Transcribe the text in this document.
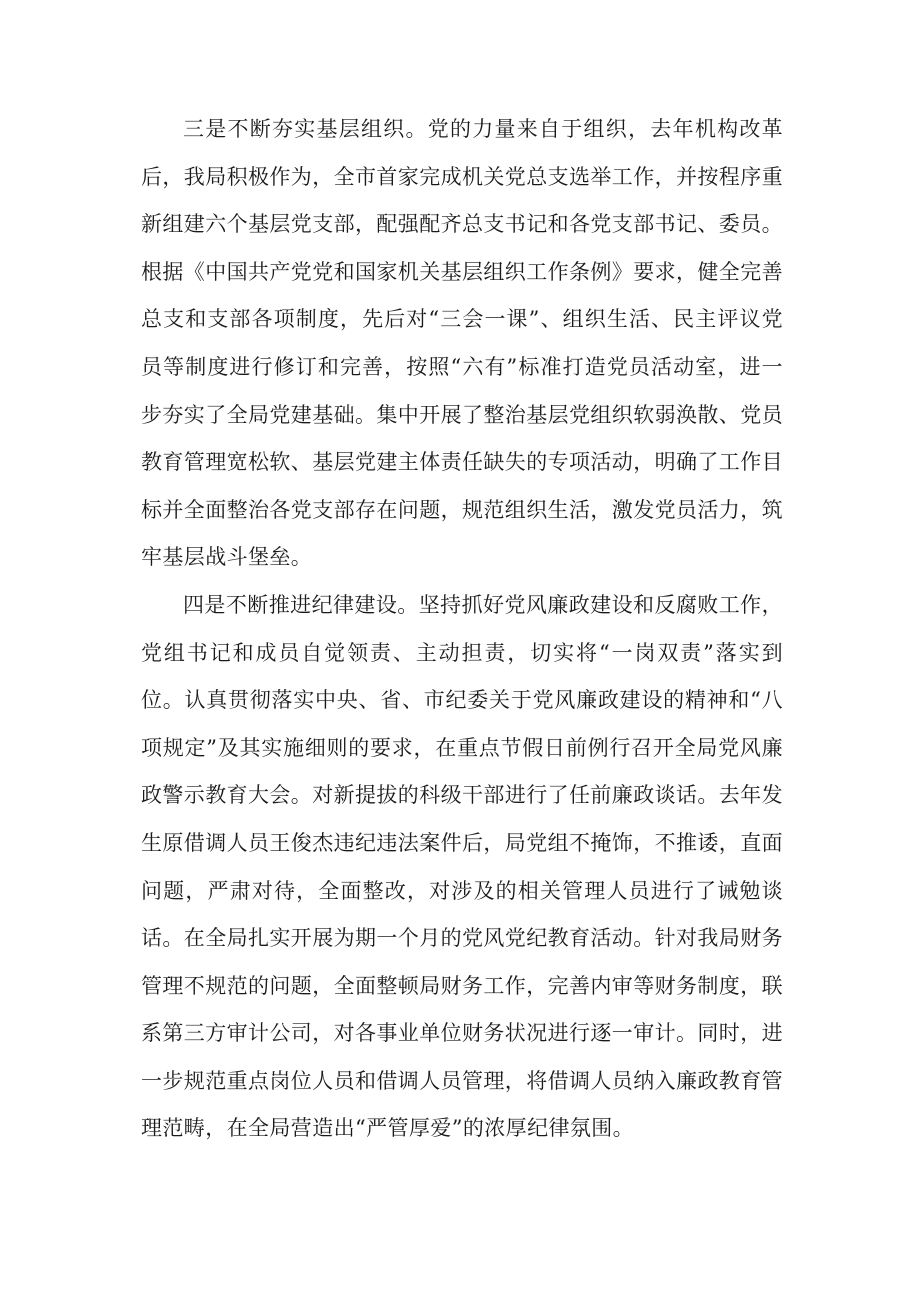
三是不断夯实基层组织。党的力量来自于组织，去年机构改革后，我局积极作为，全市首家完成机关党总支选举工作，并按程序重新组建六个基层党支部，配强配齐总支书记和各党支部书记、委员。根据《中国共产党党和国家机关基层组织工作条例》要求，健全完善总支和支部各项制度，先后对“三会一课”、组织生活、民主评议党员等制度进行修订和完善，按照“六有”标准打造党员活动室，进一步夯实了全局党建基础。集中开展了整治基层党组织软弱涣散、党员教育管理宽松软、基层党建主体责任缺失的专项活动，明确了工作目标并全面整治各党支部存在问题，规范组织生活，激发党员活力，筑牢基层战斗堡垒。

四是不断推进纪律建设。坚持抓好党风廉政建设和反腐败工作，党组书记和成员自觉领责、主动担责，切实将“一岗双责”落实到位。认真贯彻落实中央、省、市纪委关于党风廉政建设的精神和“八项规定”及其实施细则的要求，在重点节假日前例行召开全局党风廉政警示教育大会。对新提拔的科级干部进行了任前廉政谈话。去年发生原借调人员王俊杰违纪违法案件后，局党组不掩饰，不推诿，直面问题，严肃对待，全面整改，对涉及的相关管理人员进行了诫勉谈话。在全局扎实开展为期一个月的党风党纪教育活动。针对我局财务管理不规范的问题，全面整顿局财务工作，完善内审等财务制度，联系第三方审计公司，对各事业单位财务状况进行逐一审计。同时，进一步规范重点岗位人员和借调人员管理，将借调人员纳入廉政教育管理范畴，在全局营造出“严管厚爱”的浓厚纪律氛围。
